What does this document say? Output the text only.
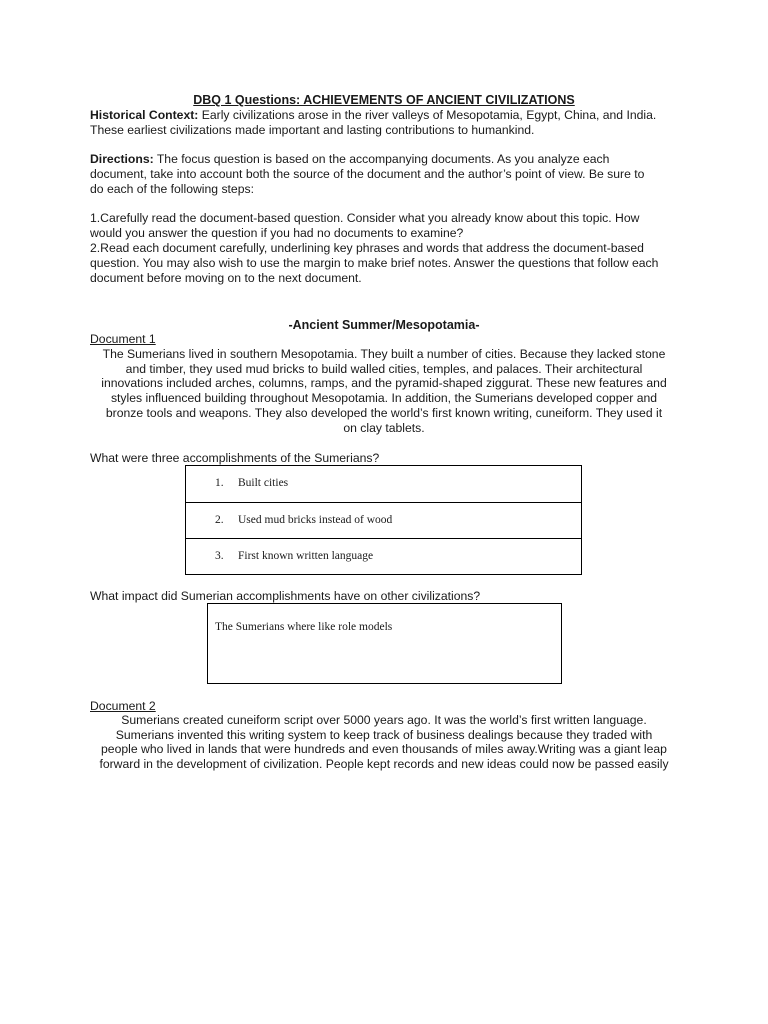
DBQ 1 Questions: ACHIEVEMENTS OF ANCIENT CIVILIZATIONS
Historical Context: Early civilizations arose in the river valleys of Mesopotamia, Egypt, China, and India.
These earliest civilizations made important and lasting contributions to humankind.
Directions: The focus question is based on the accompanying documents. As you analyze each
document, take into account both the source of the document and the author’s point of view. Be sure to
do each of the following steps:
1.Carefully read the document-based question. Consider what you already know about this topic. How
would you answer the question if you had no documents to examine?
2.Read each document carefully, underlining key phrases and words that address the document-based
question. You may also wish to use the margin to make brief notes. Answer the questions that follow each
document before moving on to the next document.
-Ancient Summer/Mesopotamia-
Document 1
The Sumerians lived in southern Mesopotamia. They built a number of cities. Because they lacked stone
and timber, they used mud bricks to build walled cities, temples, and palaces. Their architectural
innovations included arches, columns, ramps, and the pyramid-shaped ziggurat. These new features and
styles influenced building throughout Mesopotamia. In addition, the Sumerians developed copper and
bronze tools and weapons. They also developed the world’s first known writing, cuneiform. They used it
on clay tablets.
What were three accomplishments of the Sumerians?
1. Built cities
2. Used mud bricks instead of wood
3. First known written language
What impact did Sumerian accomplishments have on other civilizations?
The Sumerians where like role models
Document 2
Sumerians created cuneiform script over 5000 years ago. It was the world’s first written language.
Sumerians invented this writing system to keep track of business dealings because they traded with
people who lived in lands that were hundreds and even thousands of miles away.Writing was a giant leap
forward in the development of civilization. People kept records and new ideas could now be passed easily
